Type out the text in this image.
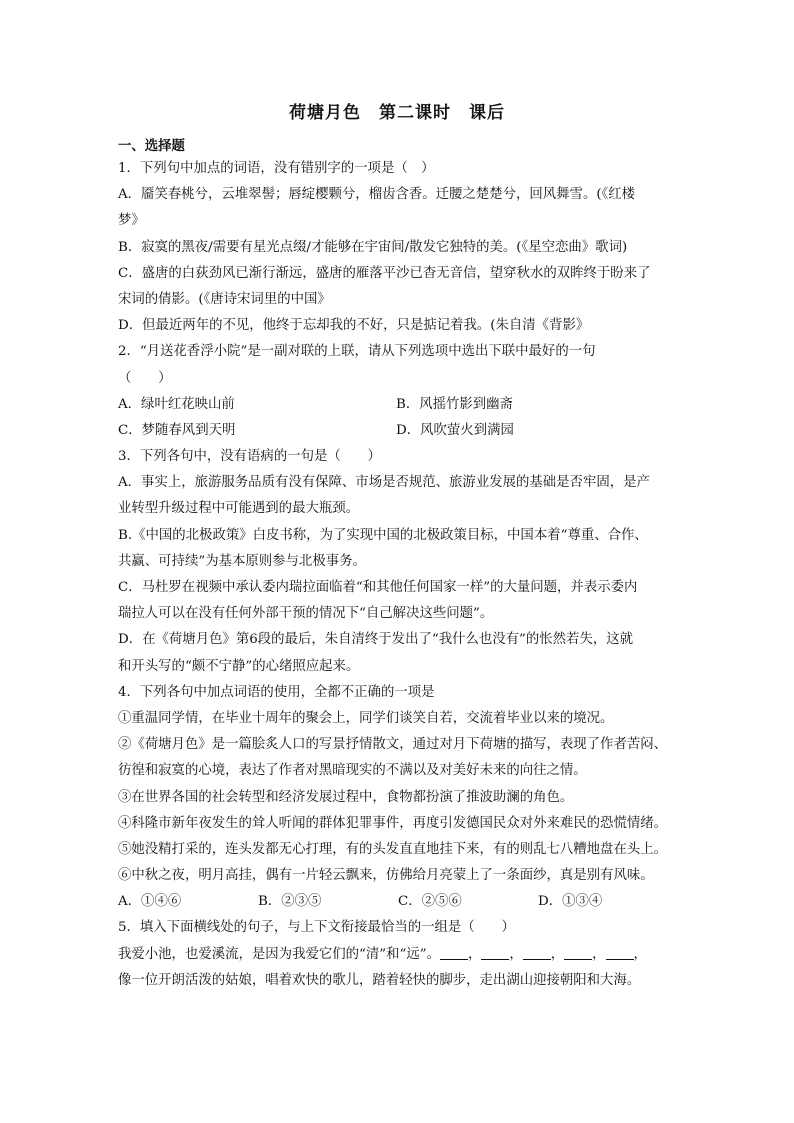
荷塘月色 第二课时 课后
一、选择题
1．下列句中加点的词语，没有错别字的一项是（　）
A．靥笑春桃兮，云堆翠髻；唇绽樱颗兮，榴齿含香。迁腰之楚楚兮，回风舞雪。(《红楼
梦》
B．寂寞的黑夜/需要有星光点缀/才能够在宇宙间/散发它独特的美。(《星空恋曲》歌词)
C．盛唐的白荻劲风已渐行渐远，盛唐的雁落平沙已杳无音信，望穿秋水的双眸终于盼来了
宋词的倩影。(《唐诗宋词里的中国》
D．但最近两年的不见，他终于忘却我的不好，只是掂记着我。(朱自清《背影》
2．“月送花香浮小院”是一副对联的上联，请从下列选项中选出下联中最好的一句
（　　）
A．绿叶红花映山前	B．风摇竹影到幽斋
C．梦随春风到天明	D．风吹萤火到满园
3．下列各句中，没有语病的一句是（　　）
A．事实上，旅游服务品质有没有保障、市场是否规范、旅游业发展的基础是否牢固，是产
业转型升级过程中可能遇到的最大瓶颈。
B.《中国的北极政策》白皮书称，为了实现中国的北极政策目标，中国本着“尊重、合作、
共赢、可持续”为基本原则参与北极事务。
C．马杜罗在视频中承认委内瑞拉面临着“和其他任何国家一样”的大量问题，并表示委内
瑞拉人可以在没有任何外部干预的情况下“自己解决这些问题”。
D．在《荷塘月色》第6段的最后，朱自清终于发出了“我什么也没有”的怅然若失，这就
和开头写的“颇不宁静”的心绪照应起来。
4．下列各句中加点词语的使用，全都不正确的一项是
①重温同学情，在毕业十周年的聚会上，同学们谈笑自若，交流着毕业以来的境况。
②《荷塘月色》是一篇脍炙人口的写景抒情散文，通过对月下荷塘的描写，表现了作者苦闷、
彷徨和寂寞的心境，表达了作者对黑暗现实的不满以及对美好未来的向往之情。
③在世界各国的社会转型和经济发展过程中，食物都扮演了推波助澜的角色。
④科隆市新年夜发生的耸人听闻的群体犯罪事件，再度引发德国民众对外来难民的恐慌情绪。
⑤她没精打采的，连头发都无心打理，有的头发直直地挂下来，有的则乱七八糟地盘在头上。
⑥中秋之夜，明月高挂，偶有一片轻云飘来，仿佛给月亮蒙上了一条面纱，真是别有风味。
A．①④⑥	B．②③⑤	C．②⑤⑥	D．①③④
5．填入下面横线处的句子，与上下文衔接最恰当的一组是（　　）
我爱小池，也爱溪流，是因为我爱它们的“清”和“远”。 ， ， ， ， ，
像一位开朗活泼的姑娘，唱着欢快的歌儿，踏着轻快的脚步，走出湖山迎接朝阳和大海。
